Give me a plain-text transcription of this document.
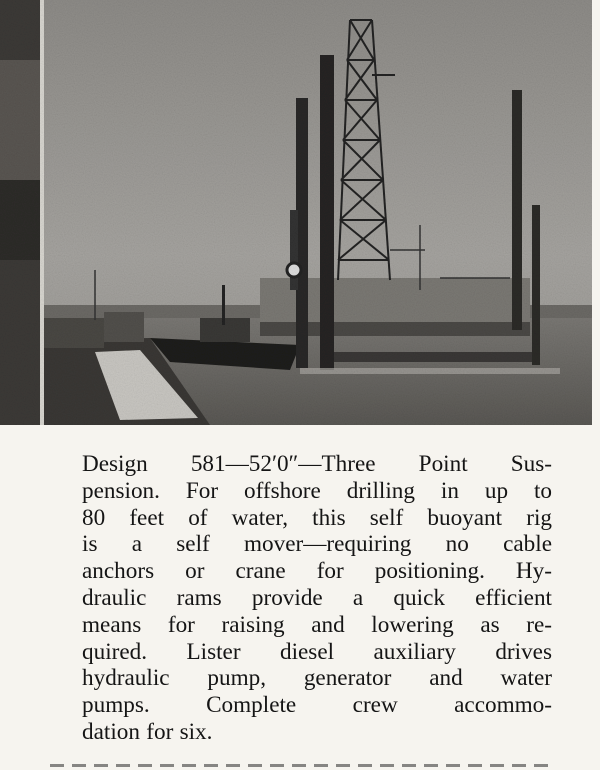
Design 581—52′0″—Three Point Sus-
pension. For offshore drilling in up to
80 feet of water, this self buoyant rig
is a self mover—requiring no cable
anchors or crane for positioning. Hy-
draulic rams provide a quick efficient
means for raising and lowering as re-
quired. Lister diesel auxiliary drives
hydraulic pump, generator and water
pumps. Complete crew accommo-
dation for six.
